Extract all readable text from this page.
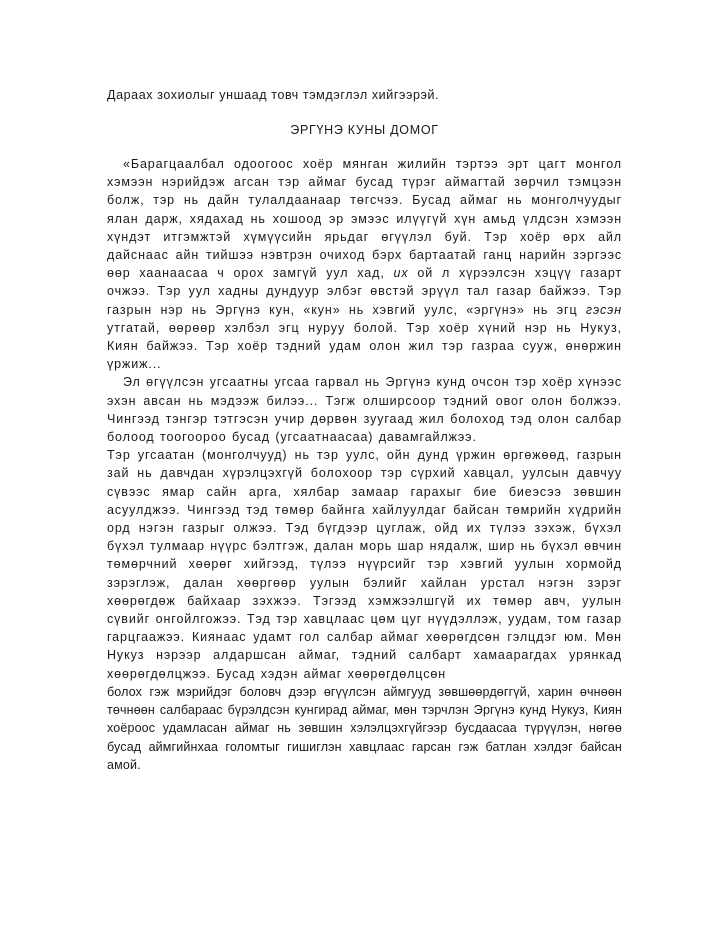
Дараах зохиолыг уншаад товч тэмдэглэл хийгээрэй.

ЭРГҮНЭ КУНЫ ДОМОГ

«Барагцаалбал одоогоос хоёр мянган жилийн тэртээ эрт цагт монгол хэмээн нэрийдэж агсан тэр аймаг бусад түрэг аймагтай зөрчил тэмцээн болж, тэр нь дайн тулалдаанаар төгсчээ. Бусад аймаг нь монголчуудыг ялан дарж, хядахад нь хошоод эр эмээс илүүгүй хүн амьд үлдсэн хэмээн хүндэт итгэмжтэй хүмүүсийн ярьдаг өгүүлэл буй. Тэр хоёр өрх айл дайснаас айн тийшээ нэвтрэн очиход бэрх бартаатай ганц нарийн зэргээс өөр хаанаасаа ч орох замгүй уул хад, их ой л хүрээлсэн хэцүү газарт очжээ. Тэр уул хадны дундуур элбэг өвстэй эрүүл тал газар байжээ. Тэр газрын нэр нь Эргүнэ кун, «кун» нь хэвгий уулс, «эргүнэ» нь эгц гэсэн утгатай, өөрөөр хэлбэл эгц нуруу болой. Тэр хоёр хүний нэр нь Нукуз, Киян байжээ. Тэр хоёр тэдний удам олон жил тэр газраа сууж, өнөржин үржиж...

Эл өгүүлсэн угсаатны угсаа гарвал нь Эргүнэ кунд очсон тэр хоёр хүнээс эхэн авсан нь мэдээж билээ... Тэгж олширсоор тэдний овог олон болжээ. Чингээд тэнгэр тэтгэсэн учир дөрвөн зуугаад жил болоход тэд олон салбар болоод тоогоороо бусад (угсаатнаасаа) давамгайлжээ.

Тэр угсаатан (монголчууд) нь тэр уулс, ойн дунд үржин өргөжөөд, газрын зай нь давчдан хүрэлцэхгүй болохоор тэр сүрхий хавцал, уулсын давчуу сүвээс ямар сайн арга, хялбар замаар гарахыг бие биеэсээ зөвшин асуулджээ. Чингээд тэд төмөр байнга хайлуулдаг байсан төмрийн хүдрийн орд нэгэн газрыг олжээ. Тэд бүгдээр цуглаж, ойд их түлээ зэхэж, бүхэл бүхэл тулмаар нүүрс бэлтгэж, далан морь шар нядалж, шир нь бүхэл өвчин төмөрчний хөөрөг хийгээд, түлээ нүүрсийг тэр хэвгий уулын хормойд зэрэглэж, далан хөөргөөр уулын бэлийг хайлан урстал нэгэн зэрэг хөөрөгдөж байхаар зэхжээ. Тэгээд хэмжээлшгүй их төмөр авч, уулын сүвийг онгойлгожээ. Тэд тэр хавцлаас цөм цуг нүүдэллэж, уудам, том газар гарцгаажээ. Киянаас удамт гол салбар аймаг хөөрөгдсөн гэлцдэг юм. Мөн Нукуз нэрээр алдаршсан аймаг, тэдний салбарт хамаарагдах урянкад хөөрөгдөлцжээ. Бусад хэдэн аймаг хөөрөгдөлцсөн

болох гэж мэрийдэг боловч дээр өгүүлсэн аймгууд зөвшөөрдөггүй, харин өчнөөн төчнөөн салбараас бүрэлдсэн кунгирад аймаг, мөн тэрчлэн Эргүнэ кунд Нукуз, Киян хоёроос удамласан аймаг нь зөвшин хэлэлцэхгүйгээр бусдаасаа түрүүлэн, нөгөө бусад аймгийнхаа голомтыг гишиглэн хавцлаас гарсан гэж батлан хэлдэг байсан амой.
